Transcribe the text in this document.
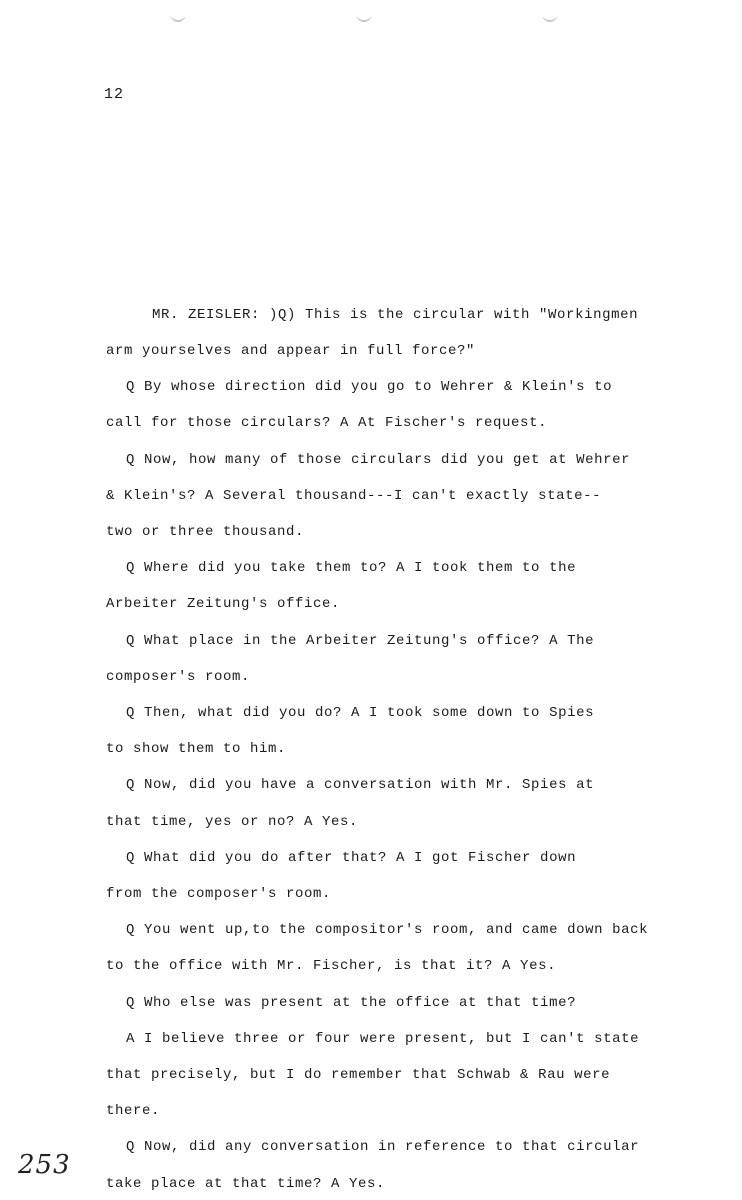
12
MR. ZEISLER: )Q) This is the circular with "Workingmen
arm yourselves and appear in full force?"
Q By whose direction did you go to Wehrer & Klein's to
call for those circulars? A At Fischer's request.
Q Now, how many of those circulars did you get at Wehrer
& Klein's? A Several thousand---I can't exactly state--
two or three thousand.
Q Where did you take them to? A I took them to the
Arbeiter Zeitung's office.
Q What place in the Arbeiter Zeitung's office? A The
composer's room.
Q Then, what did you do? A I took some down to Spies
to show them to him.
Q Now, did you have a conversation with Mr. Spies at
that time, yes or no? A Yes.
Q What did you do after that? A I got Fischer down
from the composer's room.
Q You went up,to the compositor's room, and came down back
to the office with Mr. Fischer, is that it? A Yes.
Q Who else was present at the office at that time?
A I believe three or four were present, but I can't state
that precisely, but I do remember that Schwab & Rau were
there.
Q Now, did any conversation in reference to that circular
take place at that time? A Yes.
253
